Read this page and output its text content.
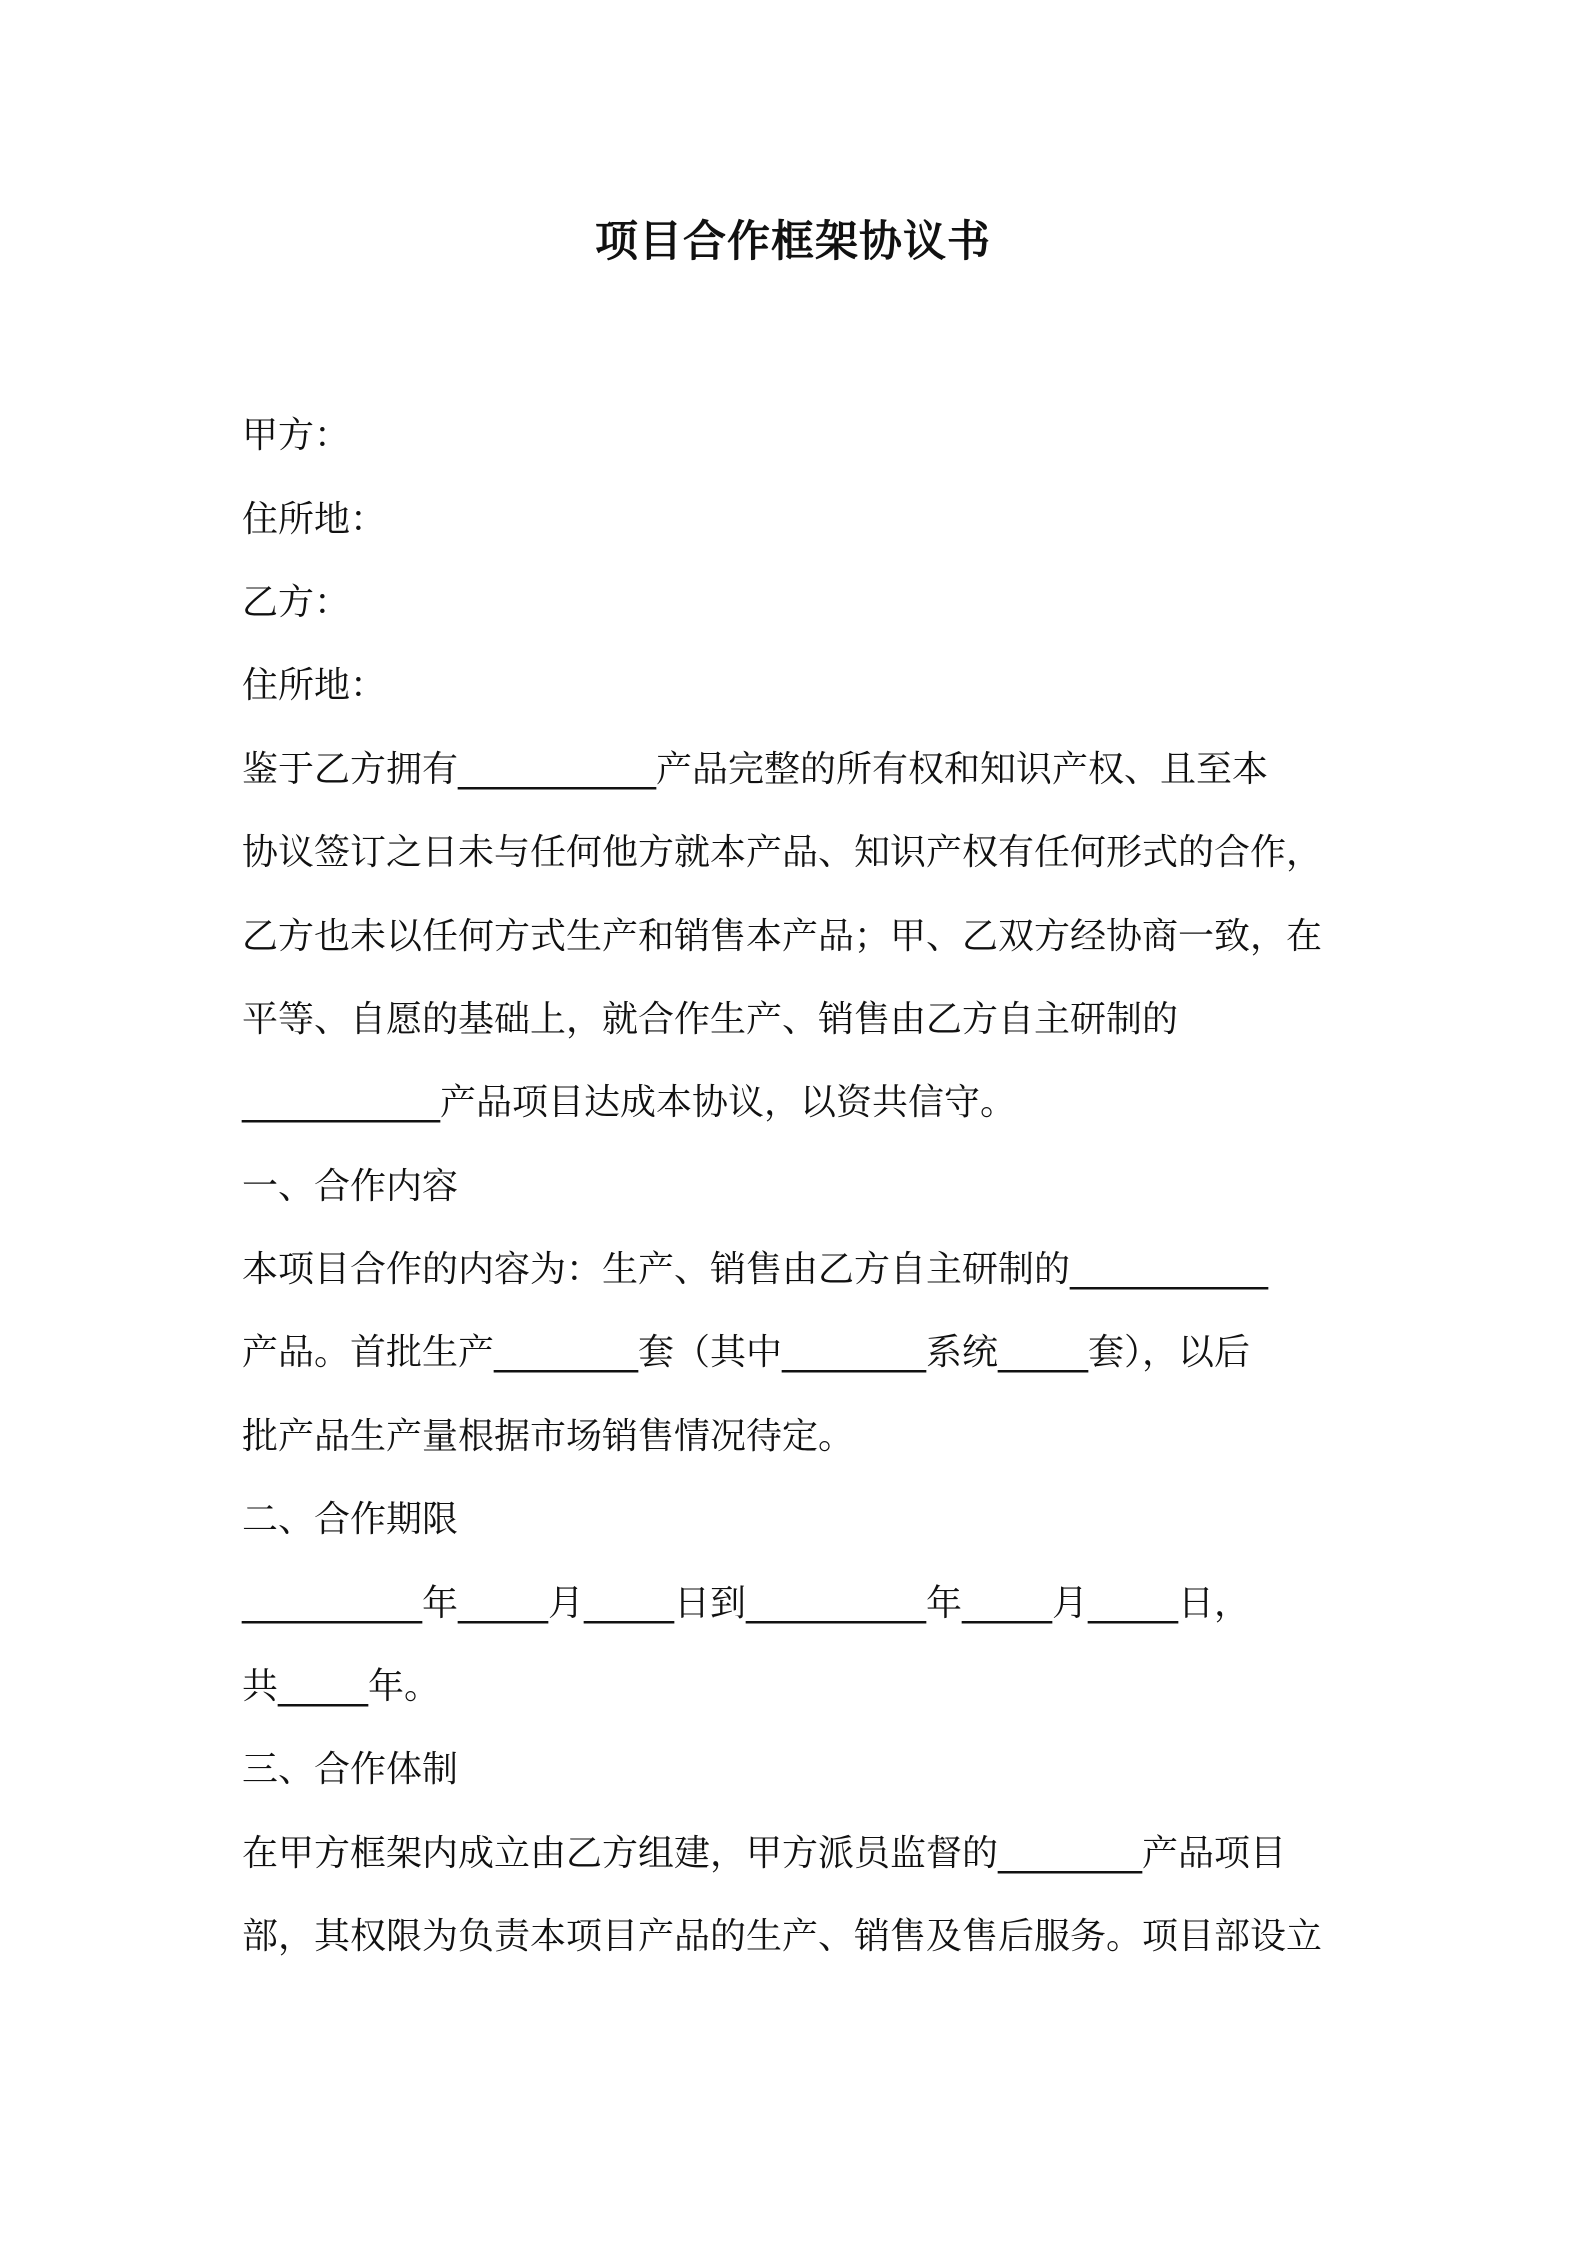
项目合作框架协议书
甲方：
住所地：
乙方：
住所地：
鉴于乙方拥有___________产品完整的所有权和知识产权、且至本
协议签订之日未与任何他方就本产品、知识产权有任何形式的合作，
乙方也未以任何方式生产和销售本产品；甲、乙双方经协商一致，在
平等、自愿的基础上，就合作生产、销售由乙方自主研制的
___________产品项目达成本协议，以资共信守。
一、合作内容
本项目合作的内容为：生产、销售由乙方自主研制的___________
产品。首批生产________套（其中________系统_____套），以后
批产品生产量根据市场销售情况待定。
二、合作期限
__________年_____月_____日到__________年_____月_____日，
共_____年。
三、合作体制
在甲方框架内成立由乙方组建，甲方派员监督的________产品项目
部，其权限为负责本项目产品的生产、销售及售后服务。项目部设立
